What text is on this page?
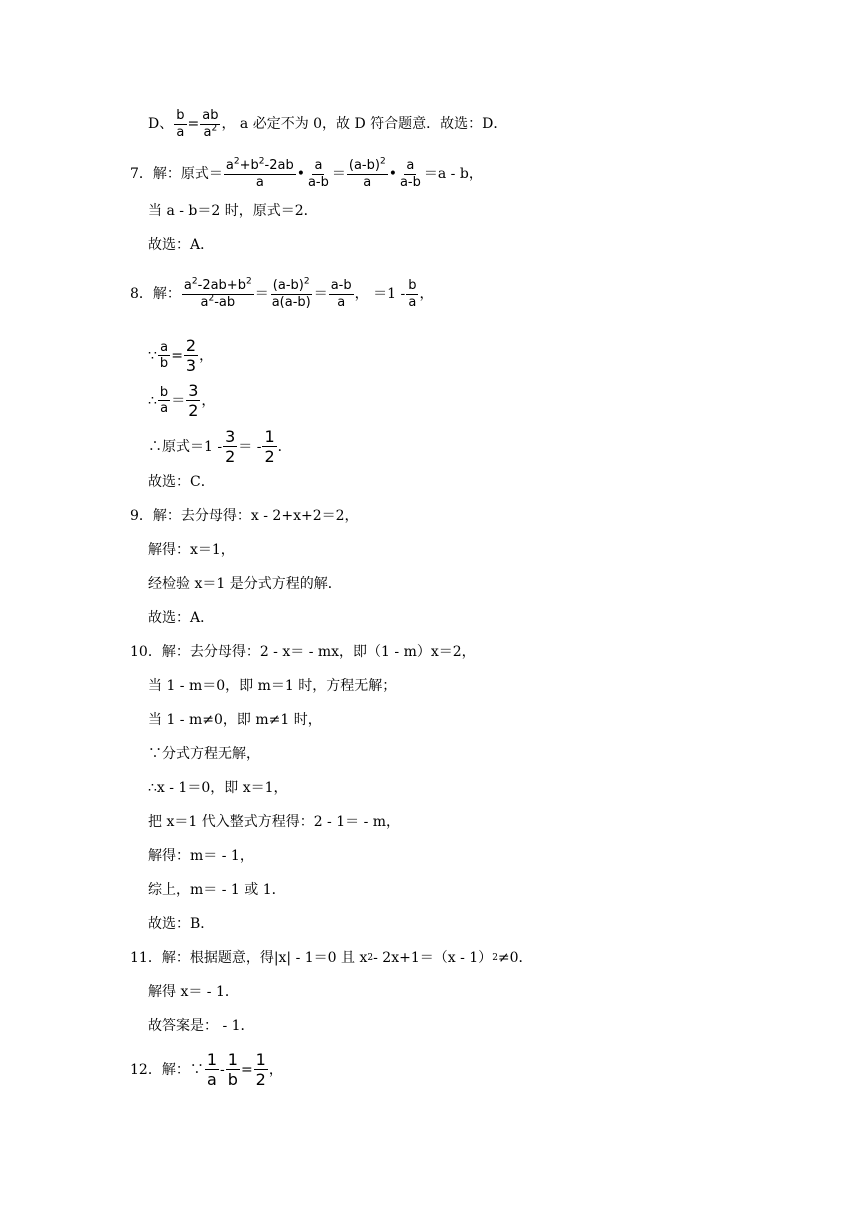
D、 $\frac{b}{a} = \frac{ab}{a^2}$ ， a 必定不为 0，故 D 符合题意．故选：D．
7．解：原式＝
$a^2+b^2-2ab$
a •
a
a-b ＝
$(a-b)^2$
a •
a
a-b ＝a - b，
当 a - b＝2 时，原式＝2．
故选：A．
8．解：
$a^2-2ab+b^2$
$a^2-ab$ ＝
$(a-b)^2$
a(a-b) ＝
a-b
a ， ＝1 -
b
a ，
∵ $\frac{a}{b} = \frac{2}{3}$ ，
∴
b
a ＝
3
2
，
∴原式＝1 -
3
2
＝ -
1
2
．
故选：C．
9．解：去分母得：x - 2+x+2＝2，
解得：x＝1，
经检验 x＝1 是分式方程的解．
故选：A．
10．解：去分母得：2 - x＝ - mx，即（1 - m）x＝2，
当 1 - m＝0，即 m＝1 时，方程无解；
当 1 - m≠0，即 m≠1 时，
∵分式方程无解，
∴x - 1＝0，即 x＝1，
把 x＝1 代入整式方程得：2 - 1＝ - m，
解得：m＝ - 1，
综上，m＝ - 1 或 1．
故选：B．
11．解：根据题意，得|x| - 1＝0 且 x 2 - 2x+1＝（x - 1） 2 ≠0．
解得 x＝ - 1．
故答案是： - 1．
12．解：∵
1
a
- $\frac{1}{b} = \frac{1}{2}$ ，
